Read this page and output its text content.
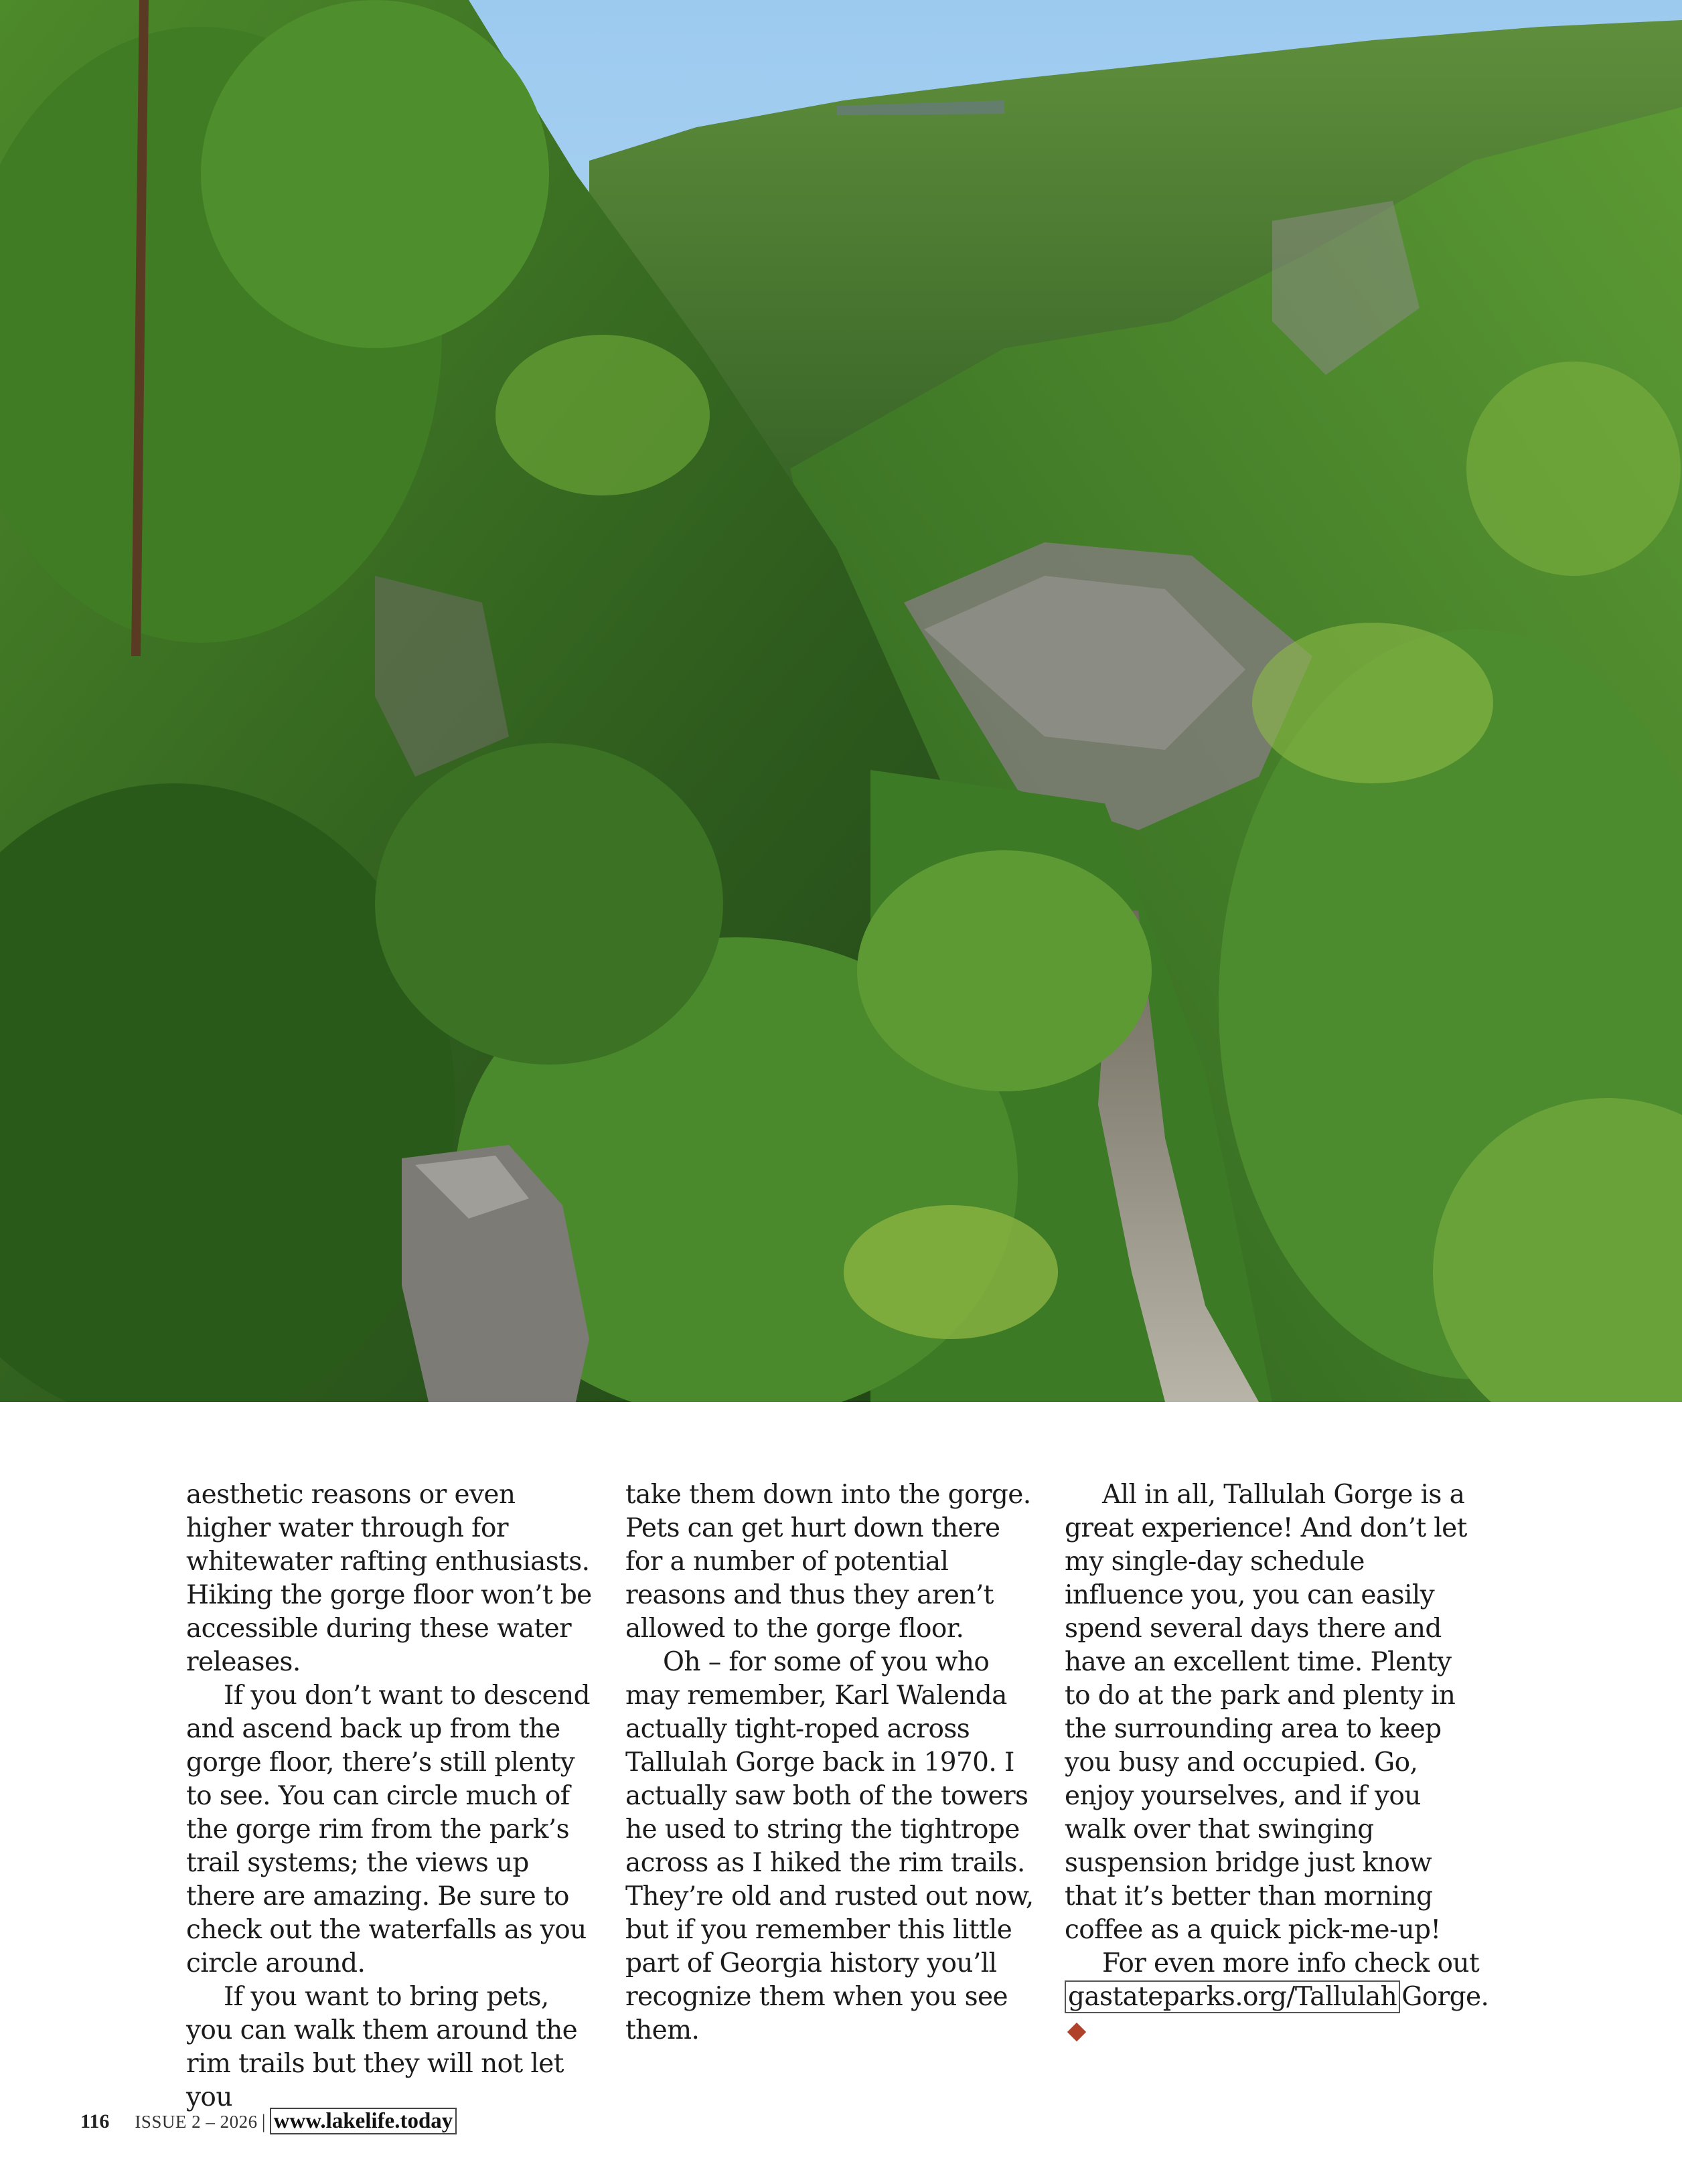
aesthetic reasons or even higher water through for whitewater rafting enthusiasts. Hiking the gorge floor won’t be accessible during these water releases.

If you don’t want to descend and ascend back up from the gorge floor, there’s still plenty to see. You can circle much of the gorge rim from the park’s trail systems; the views up there are amazing. Be sure to check out the waterfalls as you circle around.

If you want to bring pets, you can walk them around the rim trails but they will not let you

take them down into the gorge. Pets can get hurt down there for a number of potential reasons and thus they aren’t allowed to the gorge floor.

Oh – for some of you who may remember, Karl Walenda actually tight-roped across Tallulah Gorge back in 1970. I actually saw both of the towers he used to string the tightrope across as I hiked the rim trails. They’re old and rusted out now, but if you remember this little part of Georgia history you’ll recognize them when you see them.

All in all, Tallulah Gorge is a great experience! And don’t let my single-day schedule influence you, you can easily spend several days there and have an excellent time. Plenty to do at the park and plenty in the surrounding area to keep you busy and occupied. Go, enjoy yourselves, and if you walk over that swinging suspension bridge just know that it’s better than morning coffee as a quick pick-me-up!

For even more info check out gastateparks.org/Tallulah Gorge.

116 ISSUE 2 – 2026 | www.lakelife.today
